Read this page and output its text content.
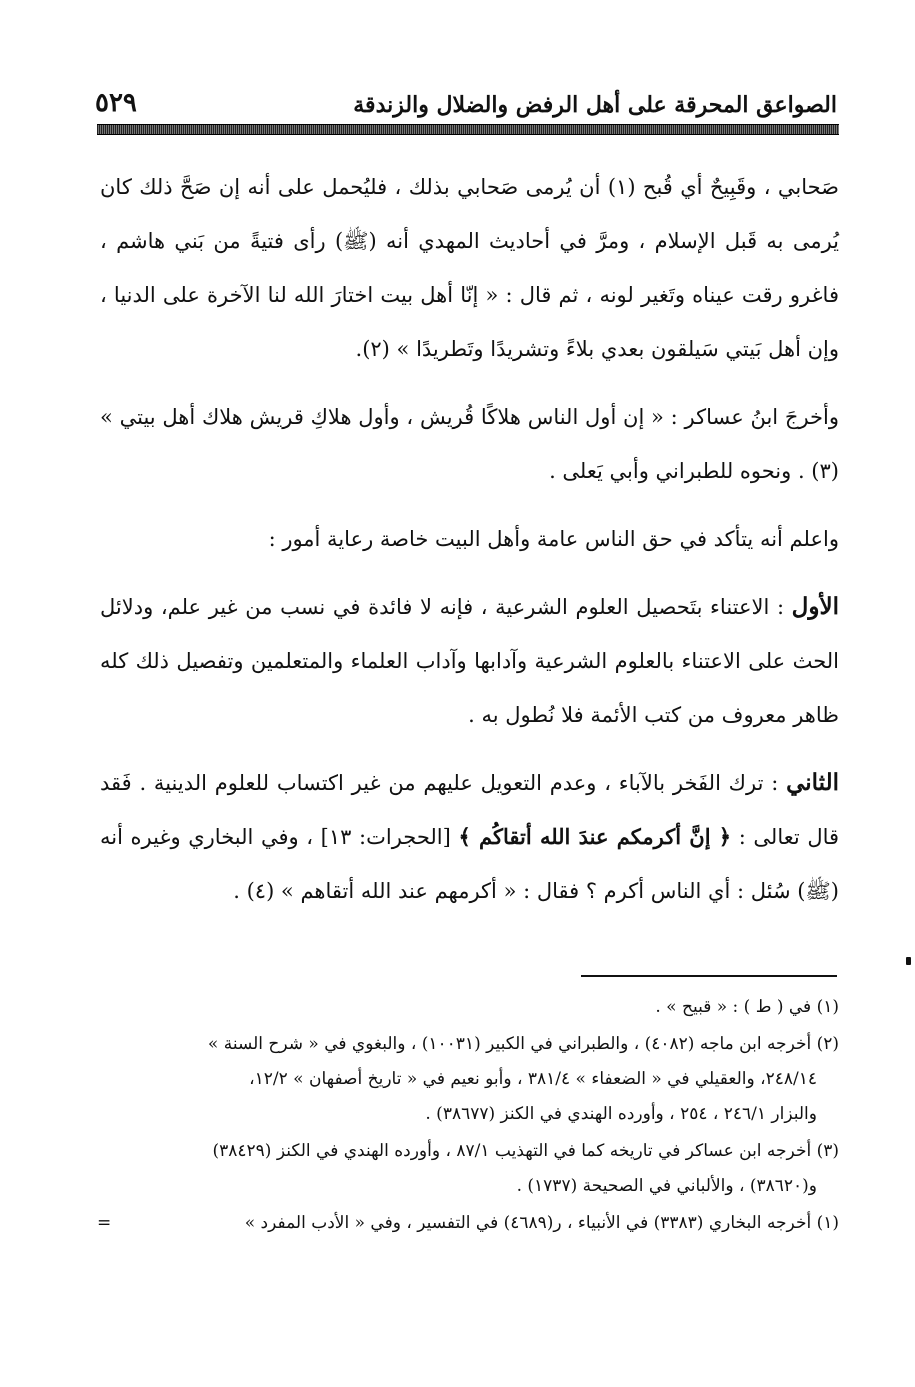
الصواعق المحرقة على أهل الرفض والضلال والزندقة
٥٢٩

صَحابي ، وقَبِيحٌ أي قُبح (١) أن يُرمى صَحابي بذلك ، فليُحمل على أنه إن صَحَّ ذلك كان يُرمى به قَبل الإسلام ، ومرَّ في أحاديث المهدي أنه (ﷺ) رأى فتيةً من بَني هاشم ، فاغرو رقت عيناه وتَغير لونه ، ثم قال : « إنّا أهل بيت اختارَ الله لنا الآخرة على الدنيا ، وإن أهل بَيتي سَيلقون بعدي بلاءً وتشريدًا وتَطريدًا » (٢).

وأخرجَ ابنُ عساكر : « إن أول الناس هلاكًا قُريش ، وأول هلاكِ قريش هلاك أهل بيتي » (٣) . ونحوه للطبراني وأبي يَعلى .

واعلم أنه يتأكد في حق الناس عامة وأهل البيت خاصة رعاية أمور :

الأول : الاعتناء بتَحصيل العلوم الشرعية ، فإنه لا فائدة في نسب من غير علم، ودلائل الحث على الاعتناء بالعلوم الشرعية وآدابها وآداب العلماء والمتعلمين وتفصيل ذلك كله ظاهر معروف من كتب الأئمة فلا نُطول به .

الثاني : ترك الفَخر بالآباء ، وعدم التعويل عليهم من غير اكتساب للعلوم الدينية . فَقد قال تعالى : ﴿ إنَّ أكرمكم عندَ الله أتقاكُم ﴾ [الحجرات: ١٣] ، وفي البخاري وغيره أنه (ﷺ) سُئل : أي الناس أكرم ؟ فقال : « أكرمهم عند الله أتقاهم » (٤) .

(١) في ( ط ) : « قبيح » .
(٢) أخرجه ابن ماجه (٤٠٨٢) ، والطبراني في الكبير (١٠٠٣١) ، والبغوي في « شرح السنة »
٢٤٨/١٤، والعقيلي في « الضعفاء » ٣٨١/٤ ، وأبو نعيم في « تاريخ أصفهان » ١٢/٢،
والبزار ٢٤٦/١ ، ٢٥٤ ، وأورده الهندي في الكنز (٣٨٦٧٧) .
(٣) أخرجه ابن عساكر في تاريخه كما في التهذيب ٨٧/١ ، وأورده الهندي في الكنز (٣٨٤٢٩)
و(٣٨٦٢٠) ، والألباني في الصحيحة (١٧٣٧) .
(١) أخرجه البخاري (٣٣٨٣) في الأنبياء ، ر(٤٦٨٩) في التفسير ، وفي « الأدب المفرد »
=
